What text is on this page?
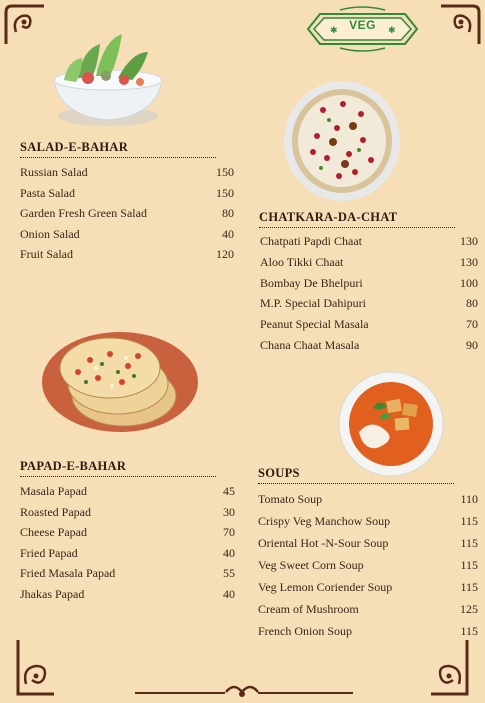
✱	✱
VEG
SALAD-E-BAHAR
Russian Salad	150
Pasta Salad	150
Garden Fresh Green Salad	80
Onion Salad	40
Fruit Salad	120
CHATKARA-DA-CHAT
Chatpati Papdi Chaat	130
Aloo Tikki Chaat	130
Bombay De Bhelpuri	100
M.P. Special Dahipuri	80
Peanut Special Masala	70
Chana Chaat Masala	90
PAPAD-E-BAHAR
Masala Papad	45
Roasted Papad	30
Cheese Papad	70
Fried Papad	40
Fried Masala Papad	55
Jhakas Papad	40
SOUPS
Tomato Soup	110
Crispy Veg Manchow Soup	115
Oriental Hot -N-Sour Soup	115
Veg Sweet Corn Soup	115
Veg Lemon Coriender Soup	115
Cream of Mushroom	125
French Onion Soup	115
